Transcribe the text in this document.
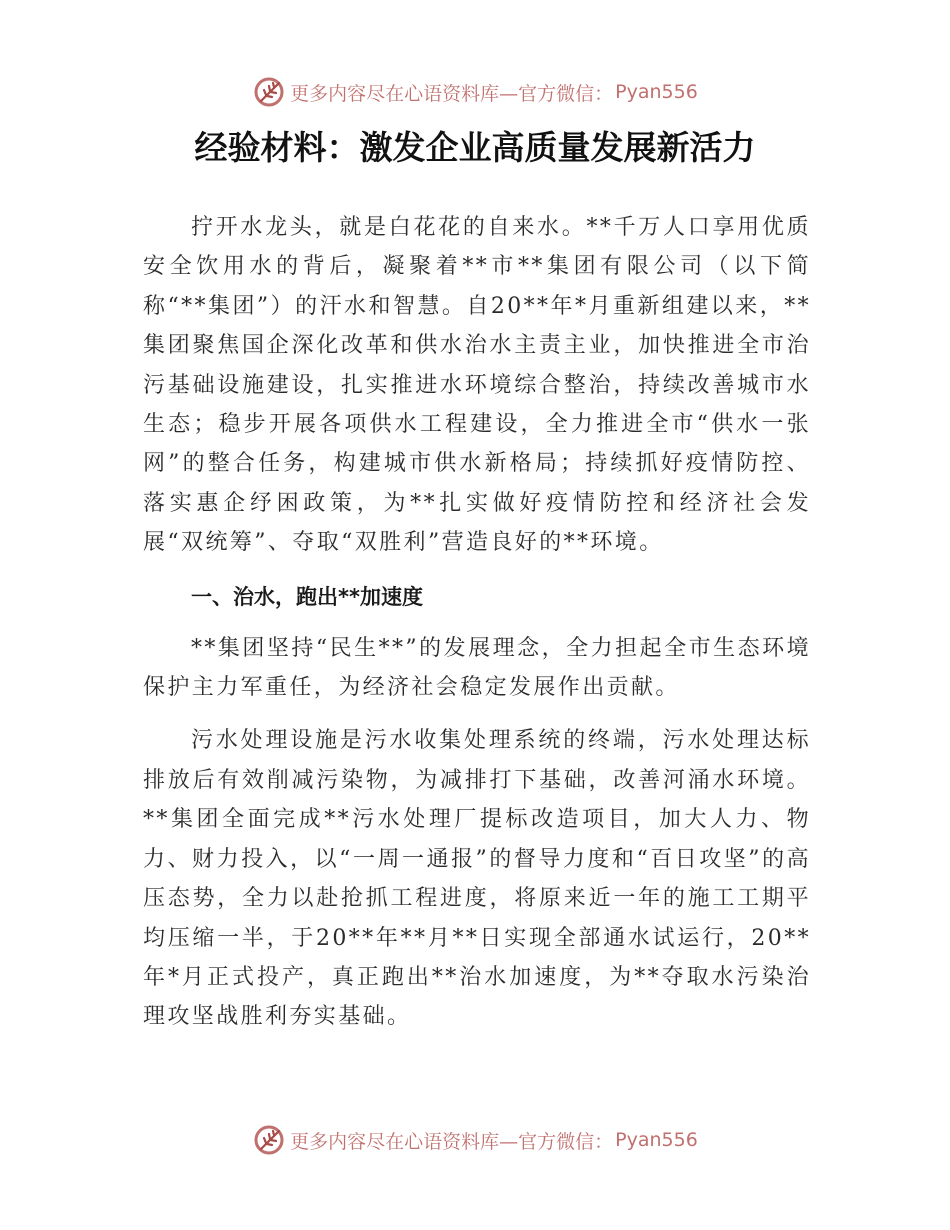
更多内容尽在心语资料库—官方微信： Pyan556
经验材料：激发企业高质量发展新活力

拧开水龙头，就是白花花的自来水。**千万人口享用优质安全饮用水的背后，凝聚着**市**集团有限公司（以下简称“**集团”）的汗水和智慧。自20**年*月重新组建以来，**集团聚焦国企深化改革和供水治水主责主业，加快推进全市治污基础设施建设，扎实推进水环境综合整治，持续改善城市水生态；稳步开展各项供水工程建设，全力推进全市“供水一张网”的整合任务，构建城市供水新格局；持续抓好疫情防控、落实惠企纾困政策，为**扎实做好疫情防控和经济社会发展“双统筹”、夺取“双胜利”营造良好的**环境。

一、治水，跑出**加速度

**集团坚持“民生**”的发展理念，全力担起全市生态环境保护主力军重任，为经济社会稳定发展作出贡献。

污水处理设施是污水收集处理系统的终端，污水处理达标排放后有效削减污染物，为减排打下基础，改善河涌水环境。**集团全面完成**污水处理厂提标改造项目，加大人力、物力、财力投入，以“一周一通报”的督导力度和“百日攻坚”的高压态势，全力以赴抢抓工程进度，将原来近一年的施工工期平均压缩一半，于20**年**月**日实现全部通水试运行，20**年*月正式投产，真正跑出**治水加速度，为**夺取水污染治理攻坚战胜利夯实基础。

更多内容尽在心语资料库—官方微信： Pyan556
